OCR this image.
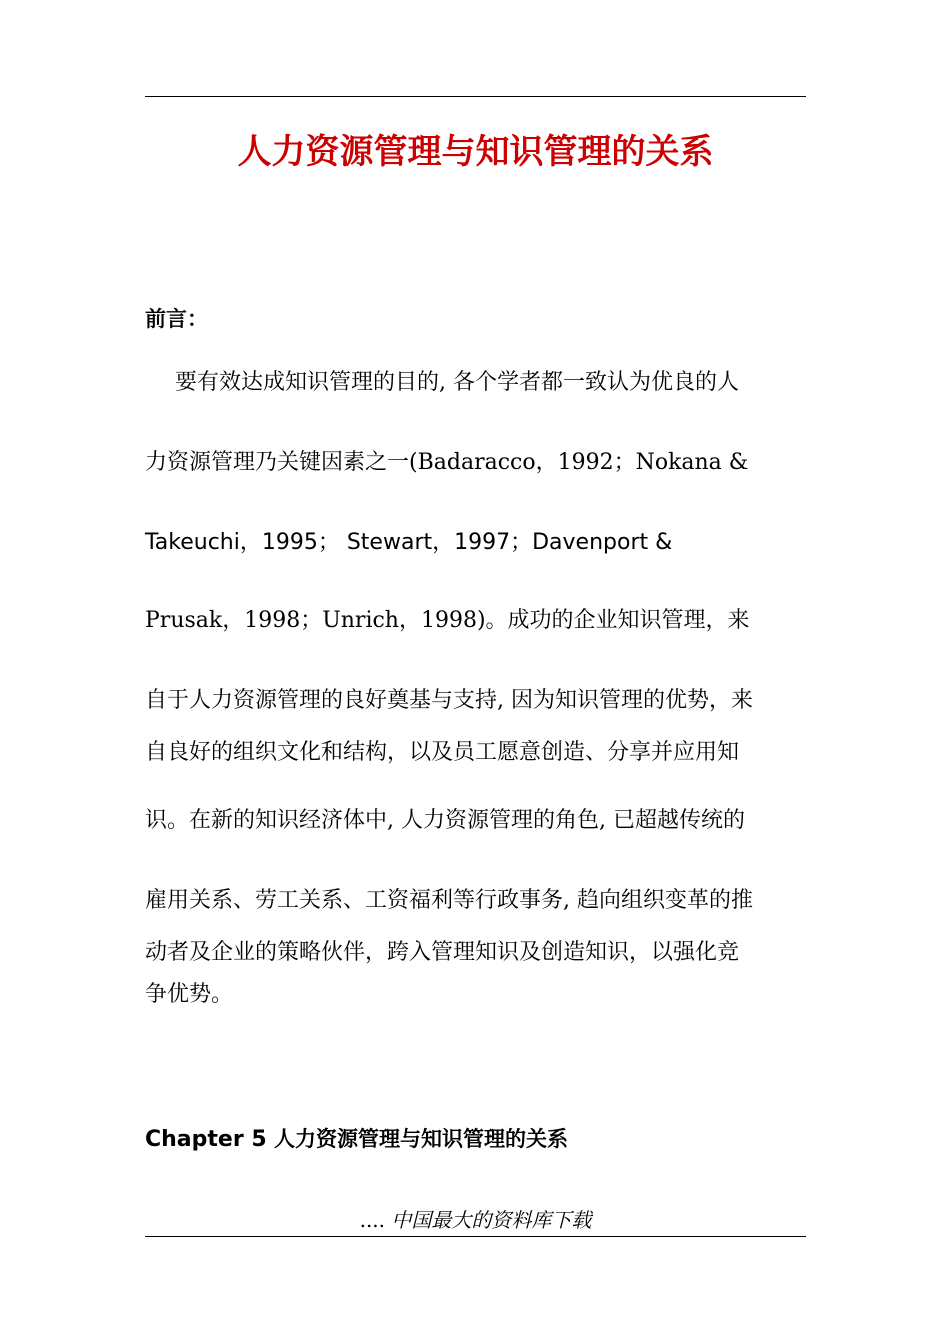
人力资源管理与知识管理的关系
前言：
要有效达成知识管理的目的, 各个学者都一致认为优良的人
力资源管理乃关键因素之一(Badaracco，1992；Nokana &
Takeuchi，1995； Stewart，1997；Davenport &
Prusak，1998；Unrich，1998)。成功的企业知识管理，来
自于人力资源管理的良好奠基与支持, 因为知识管理的优势，来
自良好的组织文化和结构，以及员工愿意创造、分享并应用知
识。在新的知识经济体中, 人力资源管理的角色, 已超越传统的
雇用关系、劳工关系、工资福利等行政事务, 趋向组织变革的推
动者及企业的策略伙伴，跨入管理知识及创造知识，以强化竞
争优势。
Chapter 5 人力资源管理与知识管理的关系
.... 中国最大的资料库下载
